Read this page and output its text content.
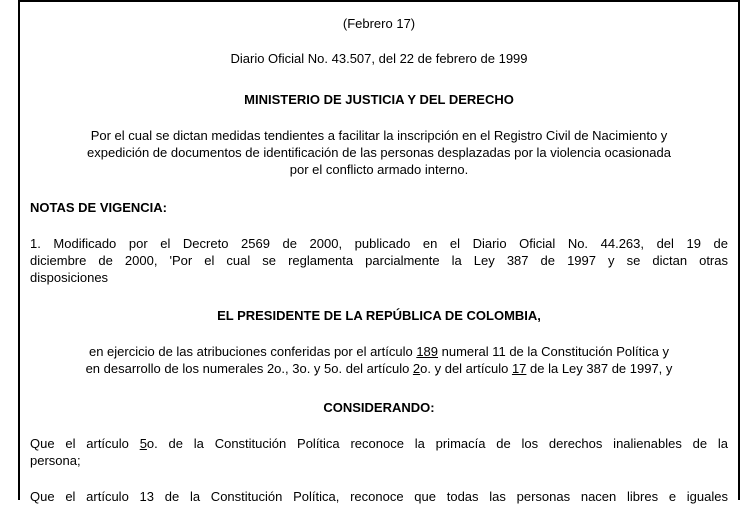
(Febrero 17)
Diario Oficial No. 43.507, del 22 de febrero de 1999
MINISTERIO DE JUSTICIA Y DEL DERECHO
Por el cual se dictan medidas tendientes a facilitar la inscripción en el Registro Civil de Nacimiento y
expedición de documentos de identificación de las personas desplazadas por la violencia ocasionada
por el conflicto armado interno.
NOTAS DE VIGENCIA:
1. Modificado por el Decreto 2569 de 2000, publicado en el Diario Oficial No. 44.263, del 19 de
diciembre de 2000, 'Por el cual se reglamenta parcialmente la Ley 387 de 1997 y se dictan otras
disposiciones
EL PRESIDENTE DE LA REPÚBLICA DE COLOMBIA,
en ejercicio de las atribuciones conferidas por el artículo 189 numeral 11 de la Constitución Política y
en desarrollo de los numerales 2o., 3o. y 5o. del artículo 2o. y del artículo 17 de la Ley 387 de 1997, y
CONSIDERANDO:
Que el artículo 5o. de la Constitución Política reconoce la primacía de los derechos inalienables de la
persona;
Que el artículo 13 de la Constitución Política, reconoce que todas las personas nacen libres e iguales
